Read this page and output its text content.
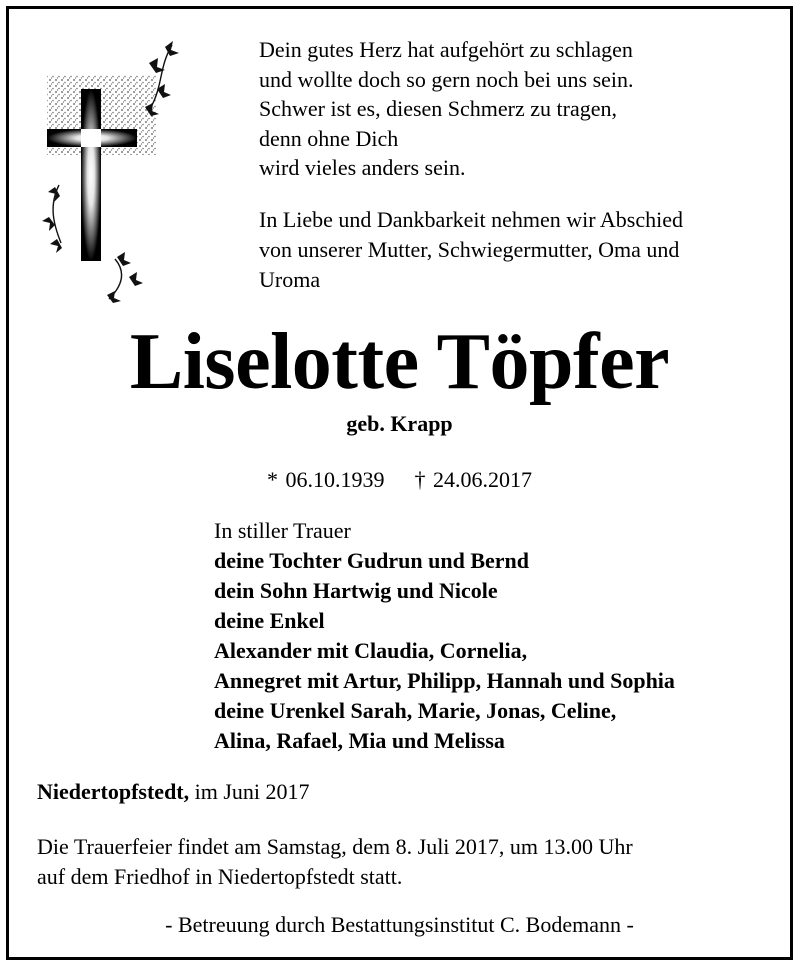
Dein gutes Herz hat aufgehört zu schlagen
und wollte doch so gern noch bei uns sein.
Schwer ist es, diesen Schmerz zu tragen,
denn ohne Dich
wird vieles anders sein.
In Liebe und Dankbarkeit nehmen wir Abschied
von unserer Mutter, Schwiegermutter, Oma und
Uroma
Liselotte Töpfer
geb. Krapp
* 06.10.1939 † 24.06.2017
In stiller Trauer
deine Tochter Gudrun und Bernd
dein Sohn Hartwig und Nicole
deine Enkel
Alexander mit Claudia, Cornelia,
Annegret mit Artur, Philipp, Hannah und Sophia
deine Urenkel Sarah, Marie, Jonas, Celine,
Alina, Rafael, Mia und Melissa
Niedertopfstedt, im Juni 2017
Die Trauerfeier findet am Samstag, dem 8. Juli 2017, um 13.00 Uhr
auf dem Friedhof in Niedertopfstedt statt.
- Betreuung durch Bestattungsinstitut C. Bodemann -
